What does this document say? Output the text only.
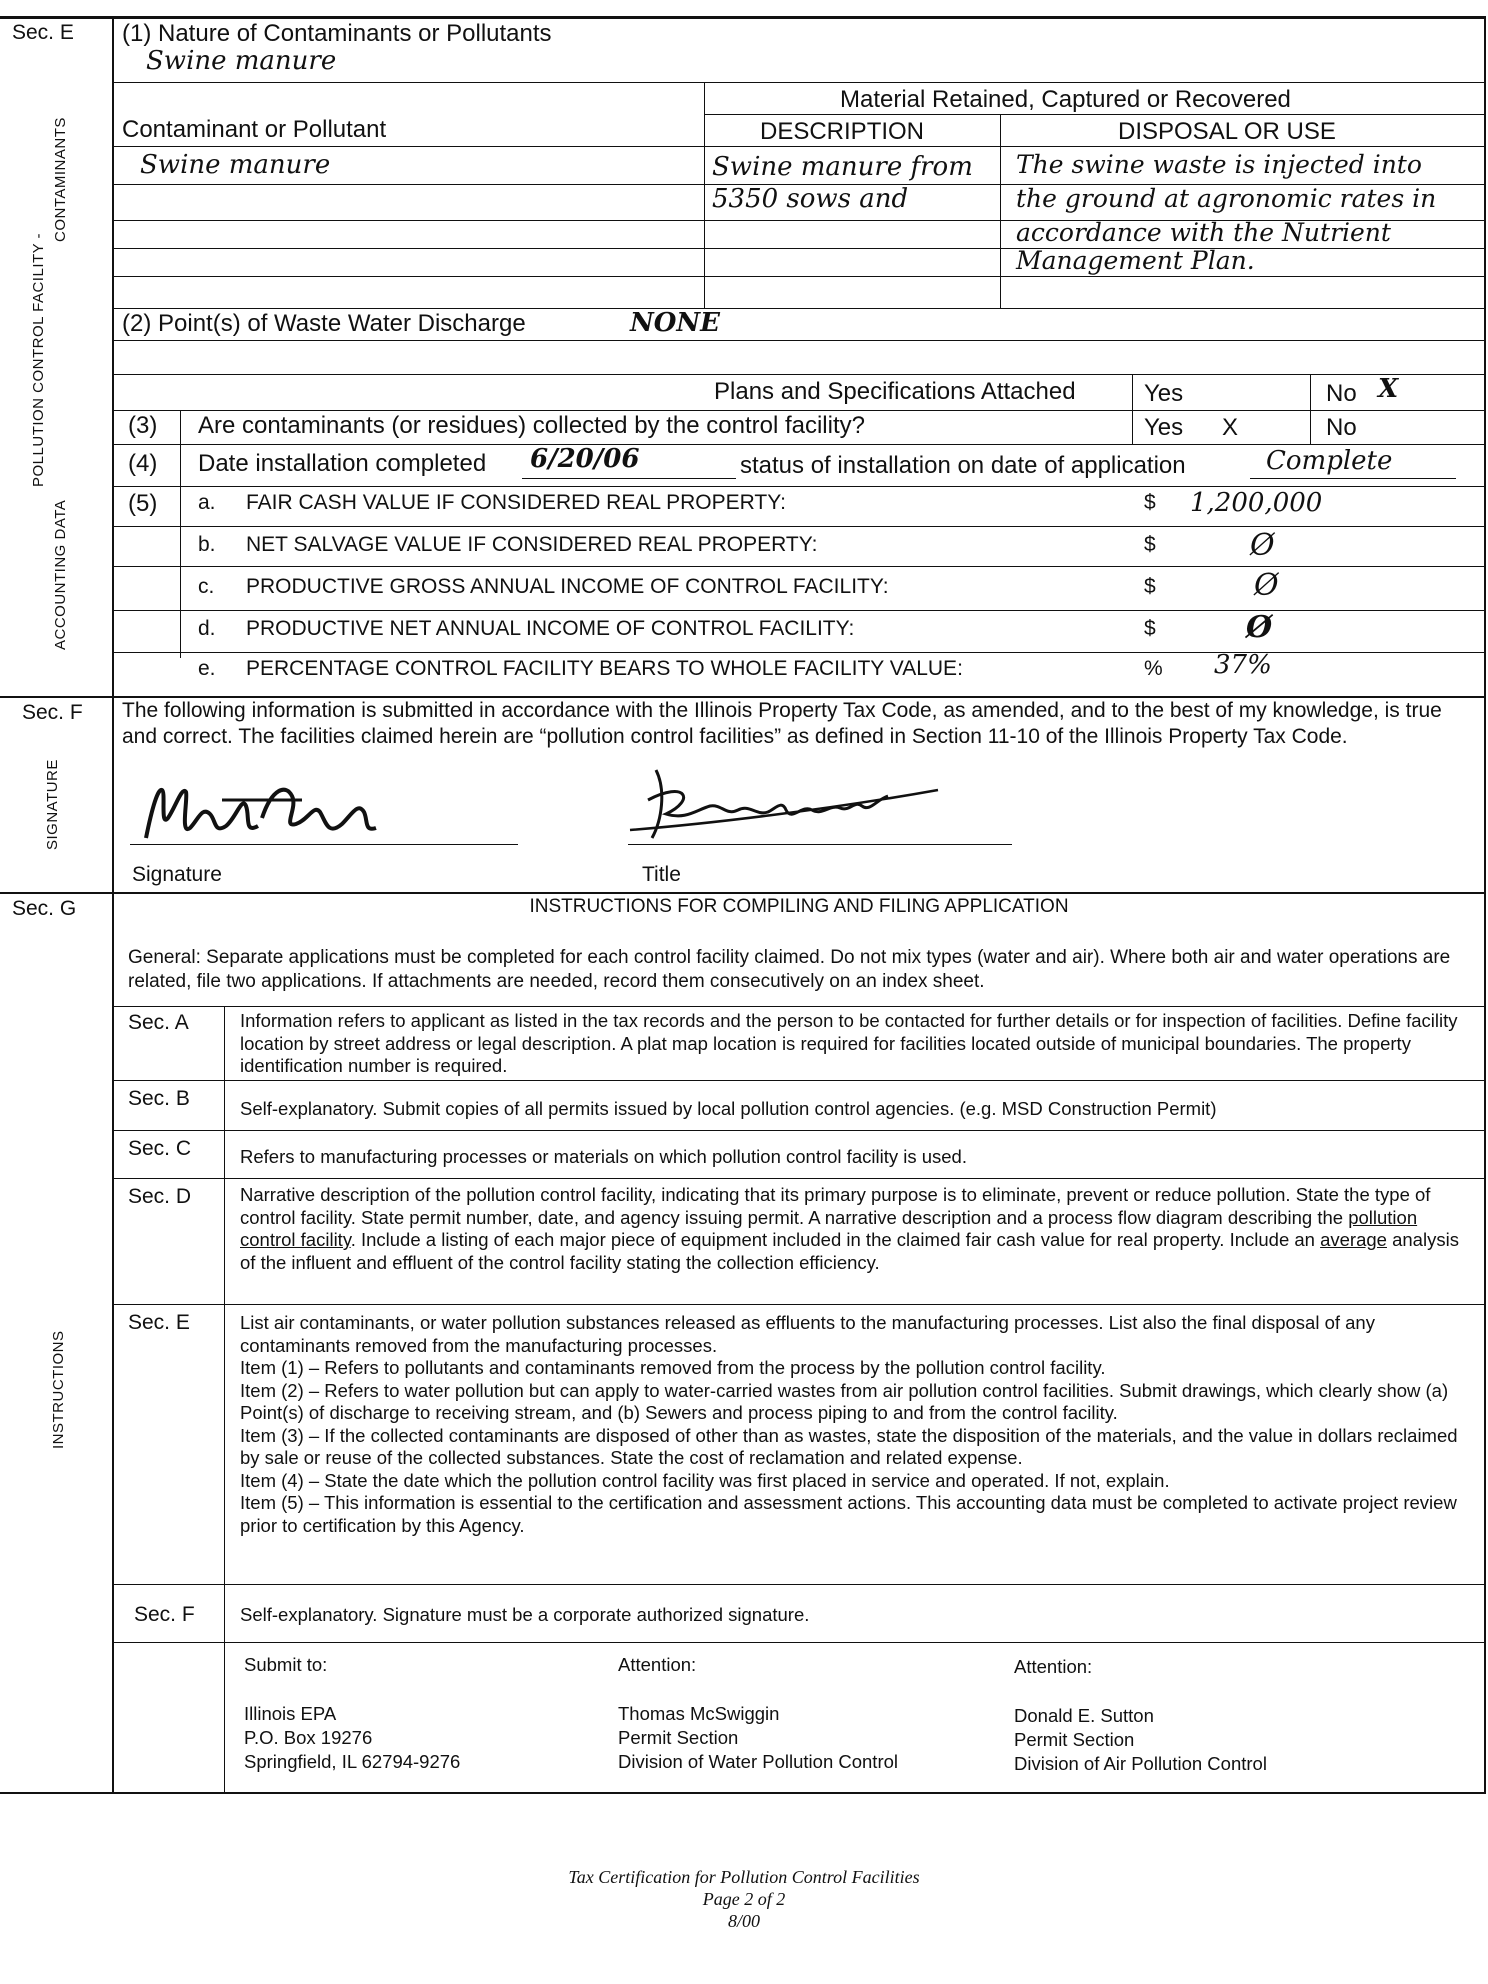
Sec. E
POLLUTION CONTROL FACILITY -
CONTAMINANTS
ACCOUNTING DATA
(1) Nature of Contaminants or Pollutants
Swine manure
Material Retained, Captured or Recovered
Contaminant or Pollutant	DESCRIPTION	DISPOSAL OR USE
Swine manure	Swine manure from
5350 sows and
The swine waste is injected into
the ground at agronomic rates in
accordance with the Nutrient
Management Plan.
(2) Point(s) of Waste Water Discharge	NONE
Plans and Specifications Attached	Yes	No X
(3) Are contaminants (or residues) collected by the control facility?	Yes X	No
(4) Date installation completed 6/20/06	status of installation on date of application	Complete
(5) a. FAIR CASH VALUE IF CONSIDERED REAL PROPERTY:	$ 1,200,000
b. NET SALVAGE VALUE IF CONSIDERED REAL PROPERTY:	$	Ø
c. PRODUCTIVE GROSS ANNUAL INCOME OF CONTROL FACILITY:	$	Ø
d. PRODUCTIVE NET ANNUAL INCOME OF CONTROL FACILITY:	$	Ø
e. PERCENTAGE CONTROL FACILITY BEARS TO WHOLE FACILITY VALUE:	% 37%
Sec. F
SIGNATURE
The following information is submitted in accordance with the Illinois Property Tax Code, as amended, and to the best of my knowledge, is true and correct. The facilities claimed herein are “pollution control facilities” as defined in Section 11-10 of the Illinois Property Tax Code.
Signature	Title
Sec. G
INSTRUCTIONS
INSTRUCTIONS FOR COMPILING AND FILING APPLICATION
General: Separate applications must be completed for each control facility claimed. Do not mix types (water and air). Where both air and water operations are related, file two applications. If attachments are needed, record them consecutively on an index sheet.
Sec. A	Information refers to applicant as listed in the tax records and the person to be contacted for further details or for inspection of facilities. Define facility location by street address or legal description. A plat map location is required for facilities located outside of municipal boundaries. The property identification number is required.
Sec. B	Self-explanatory. Submit copies of all permits issued by local pollution control agencies. (e.g. MSD Construction Permit)
Sec. C	Refers to manufacturing processes or materials on which pollution control facility is used.
Sec. D	Narrative description of the pollution control facility, indicating that its primary purpose is to eliminate, prevent or reduce pollution. State the type of control facility. State permit number, date, and agency issuing permit. A narrative description and a process flow diagram describing the pollution control facility. Include a listing of each major piece of equipment included in the claimed fair cash value for real property. Include an average analysis of the influent and effluent of the control facility stating the collection efficiency.
Sec. E	List air contaminants, or water pollution substances released as effluents to the manufacturing processes. List also the final disposal of any contaminants removed from the manufacturing processes.
Item (1) – Refers to pollutants and contaminants removed from the process by the pollution control facility.
Item (2) – Refers to water pollution but can apply to water-carried wastes from air pollution control facilities. Submit drawings, which clearly show (a) Point(s) of discharge to receiving stream, and (b) Sewers and process piping to and from the control facility.
Item (3) – If the collected contaminants are disposed of other than as wastes, state the disposition of the materials, and the value in dollars reclaimed by sale or reuse of the collected substances. State the cost of reclamation and related expense.
Item (4) – State the date which the pollution control facility was first placed in service and operated. If not, explain.
Item (5) – This information is essential to the certification and assessment actions. This accounting data must be completed to activate project review prior to certification by this Agency.
Sec. F Self-explanatory. Signature must be a corporate authorized signature.
Submit to:
Illinois EPA
P.O. Box 19276
Springfield, IL 62794-9276
Attention:
Thomas McSwiggin
Permit Section
Division of Water Pollution Control
Attention:
Donald E. Sutton
Permit Section
Division of Air Pollution Control
Tax Certification for Pollution Control Facilities
Page 2 of 2
8/00
